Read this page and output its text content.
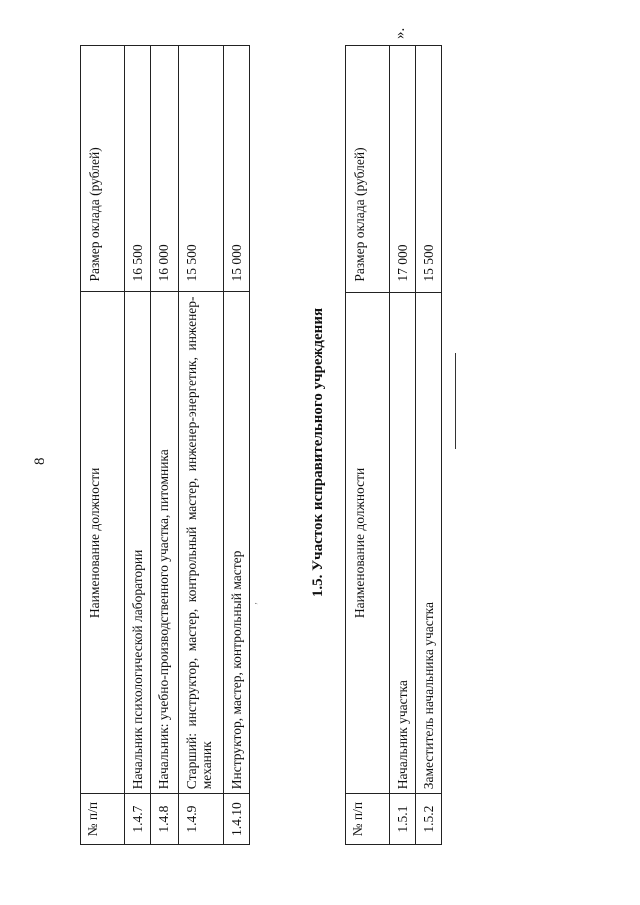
8
№ п/п	Наименование должности	Размер оклада (рублей)
1.4.7	Начальник психологической лаборатории	16 500
1.4.8	Начальник: учебно-производственного участка, питомника	16 000
1.4.9	Старший: инструктор, мастер, контрольный мастер, инженер-энергетик, инженер-механик	15 500
1.4.10	Инструктор, мастер, контрольный мастер	15 000
1.5. Участок исправительного учреждения
№ п/п	Наименование должности	Размер оклада (рублей)
1.5.1	Начальник участка	17 000
1.5.2	Заместитель начальника участка	15 500
».
‚
